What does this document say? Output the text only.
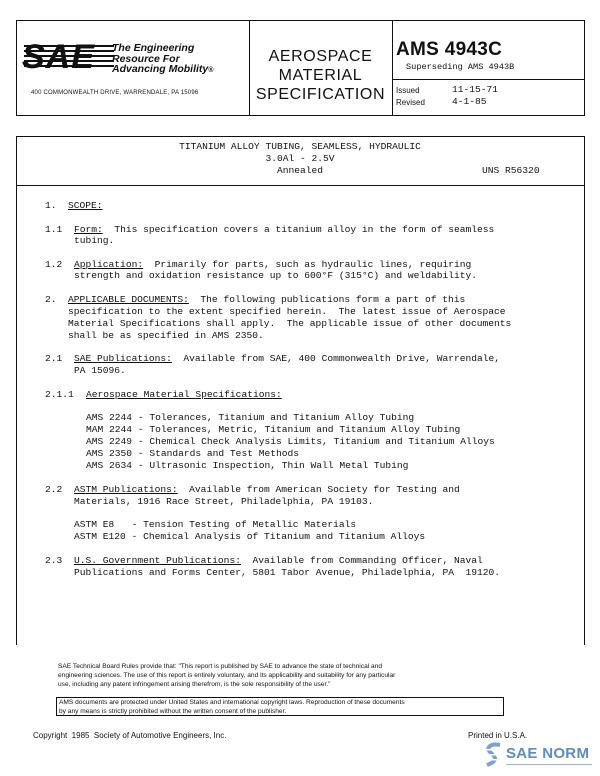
SAE	The Engineering
Resource For
Advancing Mobility®
400 COMMONWEALTH DRIVE, WARRENDALE, PA 15096
AEROSPACE
MATERIAL
SPECIFICATION
AMS 4943C
Superseding AMS 4943B
Issued	11-15-71
Revised	4-1-85
TITANIUM ALLOY TUBING, SEAMLESS, HYDRAULIC
3.0Al - 2.5V
Annealed	UNS R56320
1. SCOPE:
1.1 Form: This specification covers a titanium alloy in the form of seamless
tubing.
1.2 Application: Primarily for parts, such as hydraulic lines, requiring
strength and oxidation resistance up to 600°F (315°C) and weldability.
2. APPLICABLE DOCUMENTS: The following publications form a part of this
specification to the extent specified herein.  The latest issue of Aerospace
Material Specifications shall apply.  The applicable issue of other documents
shall be as specified in AMS 2350.
2.1 SAE Publications: Available from SAE, 400 Commonwealth Drive, Warrendale,
PA 15096.
2.1.1 Aerospace Material Specifications:
AMS 2244 - Tolerances, Titanium and Titanium Alloy Tubing
MAM 2244 - Tolerances, Metric, Titanium and Titanium Alloy Tubing
AMS 2249 - Chemical Check Analysis Limits, Titanium and Titanium Alloys
AMS 2350 - Standards and Test Methods
AMS 2634 - Ultrasonic Inspection, Thin Wall Metal Tubing
2.2 ASTM Publications: Available from American Society for Testing and
Materials, 1916 Race Street, Philadelphia, PA 19103.
ASTM E8   - Tension Testing of Metallic Materials
ASTM E120 - Chemical Analysis of Titanium and Titanium Alloys
2.3 U.S. Government Publications: Available from Commanding Officer, Naval
Publications and Forms Center, 5801 Tabor Avenue, Philadelphia, PA  19120.
SAE Technical Board Rules provide that: "This report is published by SAE to advance the state of technical and
engineering sciences. The use of this report is entirely voluntary, and its applicability and suitability for any particular
use, including any patent infringement arising therefrom, is the sole responsibility of the user."
AMS documents are protected under United States and international copyright laws. Reproduction of these documents
by any means is strictly prohibited without the written consent of the publisher.
Copyright  1985  Society of Automotive Engineers, Inc.	Printed in U.S.A.
SAE NORM
